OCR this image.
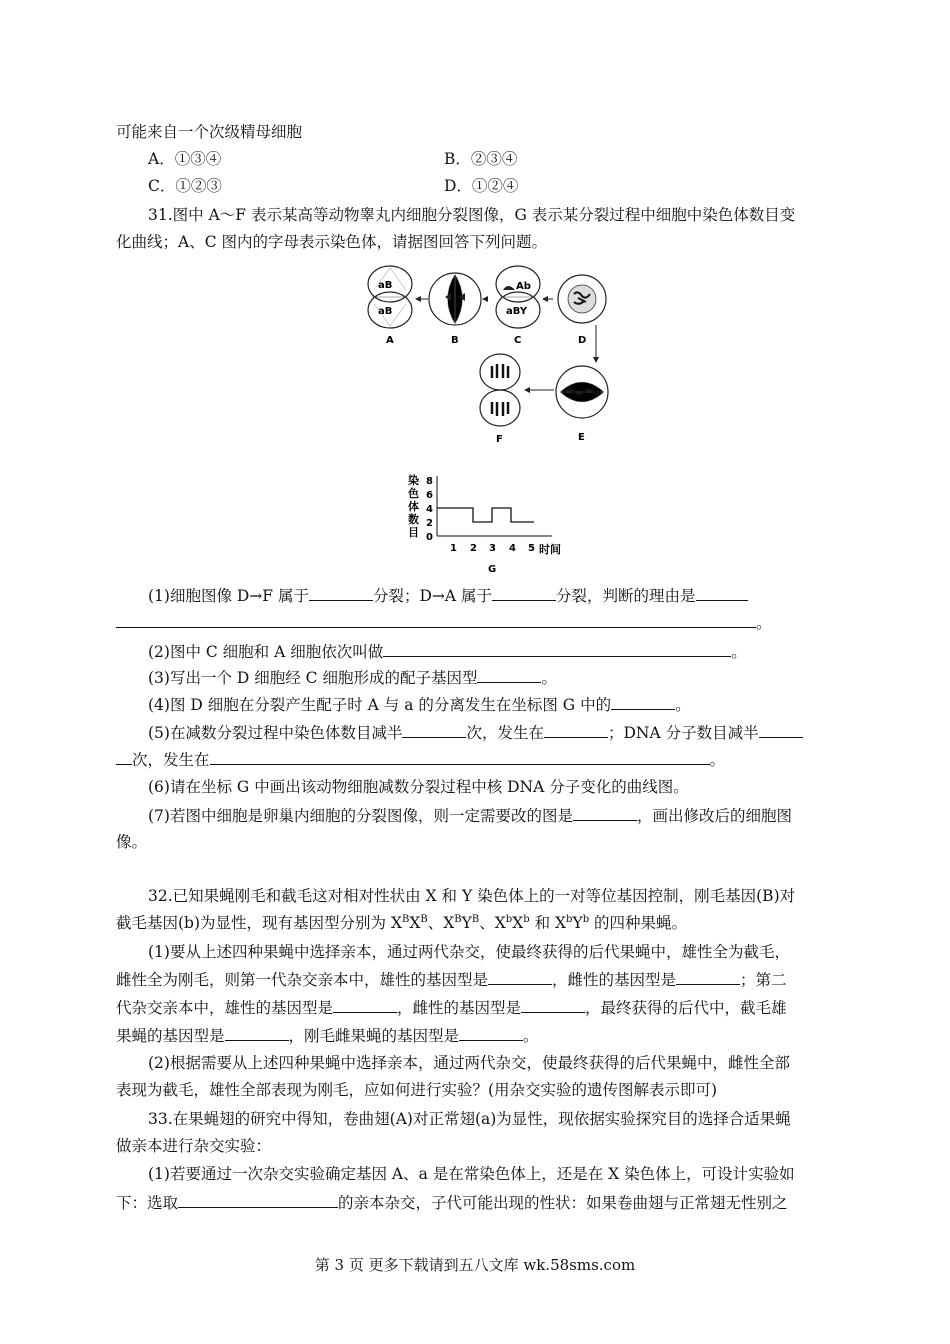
可能来自一个次级精母细胞
A．①③④	B．②③④
C．①②③	D．①②④
31.图中 A～F 表示某高等动物睾丸内细胞分裂图像，G 表示某分裂过程中细胞中染色体数目变
化曲线；A、C 图内的字母表示染色体，请据图回答下列问题。
aB
aB
A	B
Ab
aBY
C	D
F	E
染色体数目 0
2
4
6
8
1 2 3 4 5 时间
G
(1)细胞图像 D→F 属于	分裂；D→A 属于	分裂，判断的理由是
。
(2)图中 C 细胞和 A 细胞依次叫做	。
(3)写出一个 D 细胞经 C 细胞形成的配子基因型	。
(4)图 D 细胞在分裂产生配子时 A 与 a 的分离发生在坐标图 G 中的	。
(5)在减数分裂过程中染色体数目减半	次，发生在	；DNA 分子数目减半
次，发生在	。
(6)请在坐标 G 中画出该动物细胞减数分裂过程中核 DNA 分子变化的曲线图。
(7)若图中细胞是卵巢内细胞的分裂图像，则一定需要改的图是	，画出修改后的细胞图
像。
32.已知果蝇刚毛和截毛这对相对性状由 X 和 Y 染色体上的一对等位基因控制，刚毛基因(B)对
截毛基因(b)为显性，现有基因型分别为 $X^BX^B$、$X^BY^B$、$X^bX^b$ 和 $X^bY^b$ 的四种果蝇。
(1)要从上述四种果蝇中选择亲本，通过两代杂交，使最终获得的后代果蝇中，雄性全为截毛，
雌性全为刚毛，则第一代杂交亲本中，雄性的基因型是	，雌性的基因型是	；第二
代杂交亲本中，雄性的基因型是	，雌性的基因型是	，最终获得的后代中，截毛雄
果蝇的基因型是	，刚毛雌果蝇的基因型是	。
(2)根据需要从上述四种果蝇中选择亲本，通过两代杂交，使最终获得的后代果蝇中，雌性全部
表现为截毛，雄性全部表现为刚毛，应如何进行实验？(用杂交实验的遗传图解表示即可)
33.在果蝇翅的研究中得知，卷曲翅(A)对正常翅(a)为显性，现依据实验探究目的选择合适果蝇
做亲本进行杂交实验：
(1)若要通过一次杂交实验确定基因 A、a 是在常染色体上，还是在 X 染色体上，可设计实验如
下：选取	的亲本杂交，子代可能出现的性状：如果卷曲翅与正常翅无性别之
第 3 页 更多下载请到五八文库 wk.58sms.com
